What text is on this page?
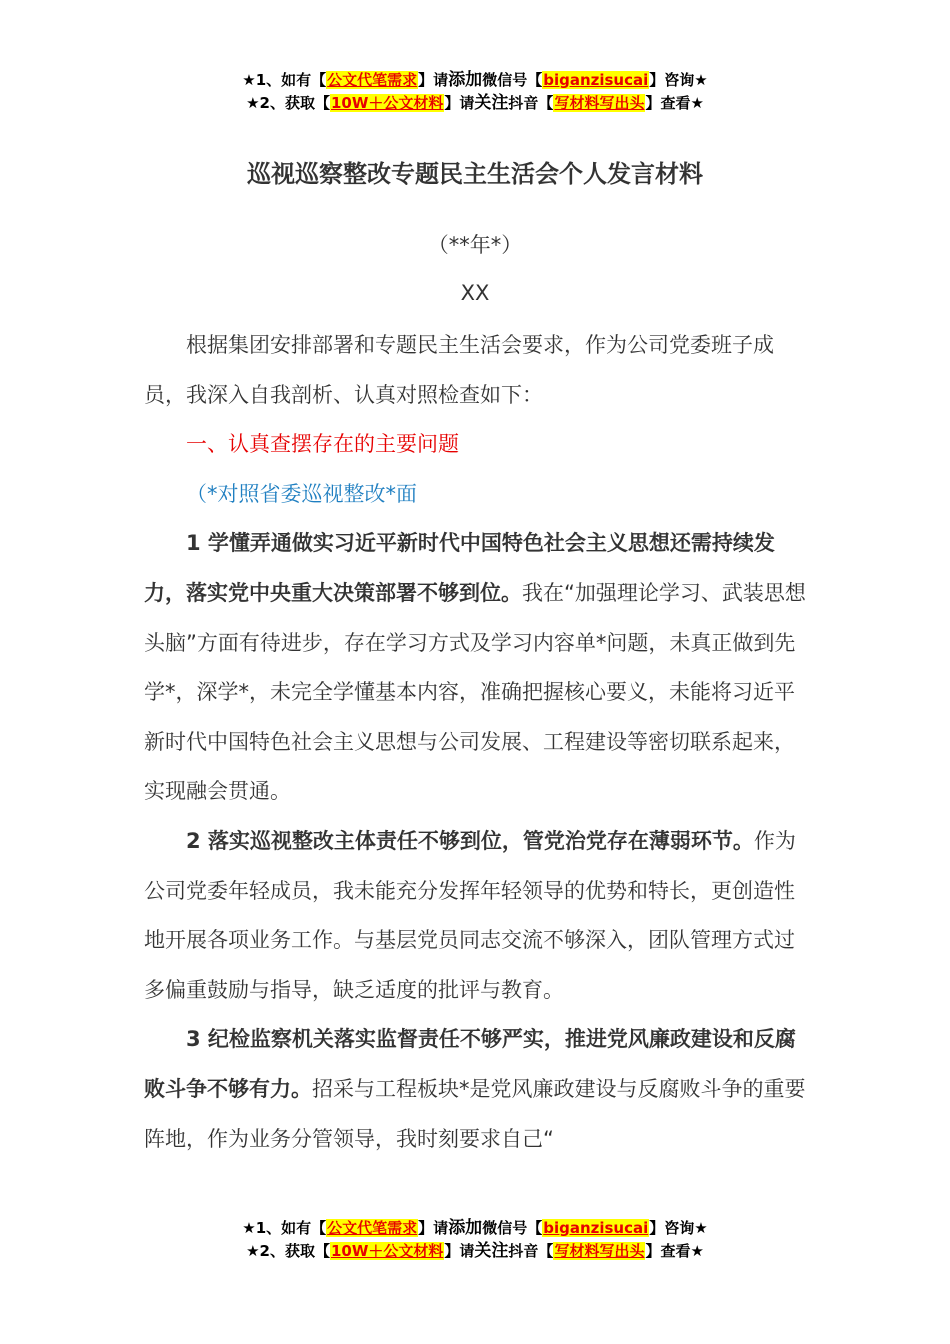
★1、如有【公文代笔需求】请添加微信号【biganzisucai】咨询★
★2、获取【10W＋公文材料】请关注抖音【写材料写出头】查看★
巡视巡察整改专题民主生活会个人发言材料
（**年*）
XX

根据集团安排部署和专题民主生活会要求，作为公司党委班子成员，我深入自我剖析、认真对照检查如下：

一、认真查摆存在的主要问题

（*对照省委巡视整改*面

1 学懂弄通做实习近平新时代中国特色社会主义思想还需持续发力，落实党中央重大决策部署不够到位。我在“加强理论学习、武装思想头脑”方面有待进步，存在学习方式及学习内容单*问题，未真正做到先学*，深学*，未完全学懂基本内容，准确把握核心要义，未能将习近平新时代中国特色社会主义思想与公司发展、工程建设等密切联系起来，实现融会贯通。

2 落实巡视整改主体责任不够到位，管党治党存在薄弱环节。作为公司党委年轻成员，我未能充分发挥年轻领导的优势和特长，更创造性地开展各项业务工作。与基层党员同志交流不够深入，团队管理方式过多偏重鼓励与指导，缺乏适度的批评与教育。

3 纪检监察机关落实监督责任不够严实，推进党风廉政建设和反腐败斗争不够有力。招采与工程板块*是党风廉政建设与反腐败斗争的重要阵地，作为业务分管领导，我时刻要求自己“

★1、如有【公文代笔需求】请添加微信号【biganzisucai】咨询★
★2、获取【10W＋公文材料】请关注抖音【写材料写出头】查看★
